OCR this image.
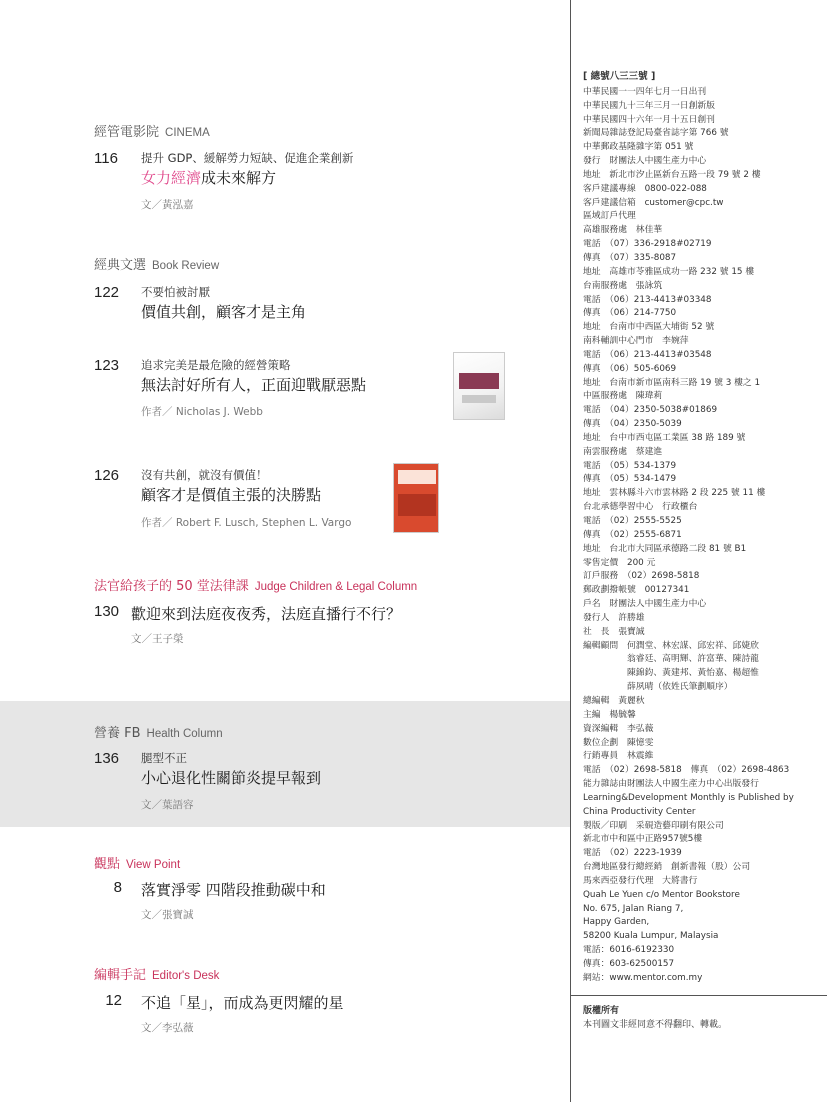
經管電影院 CINEMA
116	提升 GDP、緩解勞力短缺、促進企業創新
女力經濟成未來解方
文／黃泓嘉
經典文選 Book Review
122	不要怕被討厭
價值共創，顧客才是主角
123	追求完美是最危險的經營策略
無法討好所有人，正面迎戰厭惡點
作者／ Nicholas J. Webb
126	沒有共創，就沒有價值！
顧客才是價值主張的決勝點
作者／ Robert F. Lusch, Stephen L. Vargo
法官給孩子的 50 堂法律課 Judge Children & Legal Column
130 歡迎來到法庭夜夜秀，法庭直播行不行？
文／王子榮
營養 FB Health Column
136	腿型不正
小心退化性關節炎提早報到
文／葉語容
觀點 View Point
8 落實淨零 四階段推動碳中和
文／張寶誠
編輯手記 Editor's Desk
12 不追「星」，而成為更閃耀的星
文／李弘薇
[ 總號八三三號 ]
中華民國一一四年七月一日出刊
中華民國九十三年三月一日創新版
中華民國四十六年一月十五日創刊
新聞局雜誌登記局臺省誌字第 766 號
中華郵政基隆雜字第 051 號
發行　財團法人中國生產力中心
地址　新北市汐止區新台五路一段 79 號 2 樓
客戶建議專線　0800-022-088
客戶建議信箱　customer@cpc.tw
區域訂戶代理
高雄服務處　林佳華
電話　（07）336-2918#02719
傳真　（07）335-8087
地址　高雄市苓雅區成功一路 232 號 15 樓
台南服務處　張詠筑
電話　（06）213-4413#03348
傳真　（06）214-7750
地址　台南市中西區大埔街 52 號
南科輔訓中心門市　李婉萍
電話　（06）213-4413#03548
傳真　（06）505-6069
地址　台南市新市區南科三路 19 號 3 樓之 1
中區服務處　陳瑋莉
電話　（04）2350-5038#01869
傳真　（04）2350-5039
地址　台中市西屯區工業區 38 路 189 號
南雲服務處　蔡建進
電話　（05）534-1379
傳真　（05）534-1479
地址　雲林縣斗六市雲林路 2 段 225 號 11 樓
台北承德學習中心　行政櫃台
電話　（02）2555-5525
傳真　（02）2555-6871
地址　台北市大同區承德路二段 81 號 B1
零售定價　200 元
訂戶服務　（02）2698-5818
郵政劃撥帳號　00127341
戶名　財團法人中國生產力中心
發行人　許勝雄
社　長　張寶誠
編輯顧問　何潤堂、林宏謀、邱宏祥、邱婕欣
　　　　　翁睿廷、高明輝、許富華、陳詩龍
　　　　　陳錦鈞、黃建邦、黃怡嘉、楊超惟
　　　　　薛夙晴（依姓氏筆劃順序）
總編輯　黃麗秋
主編　楊毓馨
資深編輯　李弘薇
數位企劃　陳憶雯
行銷專員　林震維
電話　（02）2698-5818　傳真　（02）2698-4863
能力雜誌由財團法人中國生產力中心出版發行
Learning&Development Monthly is Published by
China Productivity Center
製版／印刷　采硯造藝印刷有限公司
新北市中和區中正路957號5樓
電話　（02）2223-1939
台灣地區發行總經銷　創新書報（股）公司
馬來西亞發行代理　大將書行
Quah Le Yuen c/o Mentor Bookstore
No. 675, Jalan Riang 7,
Happy Garden,
58200 Kuala Lumpur, Malaysia
電話：6016-6192330
傳真：603-62500157
網站：www.mentor.com.my
版權所有
本刊圖文非經同意不得翻印、轉載。
